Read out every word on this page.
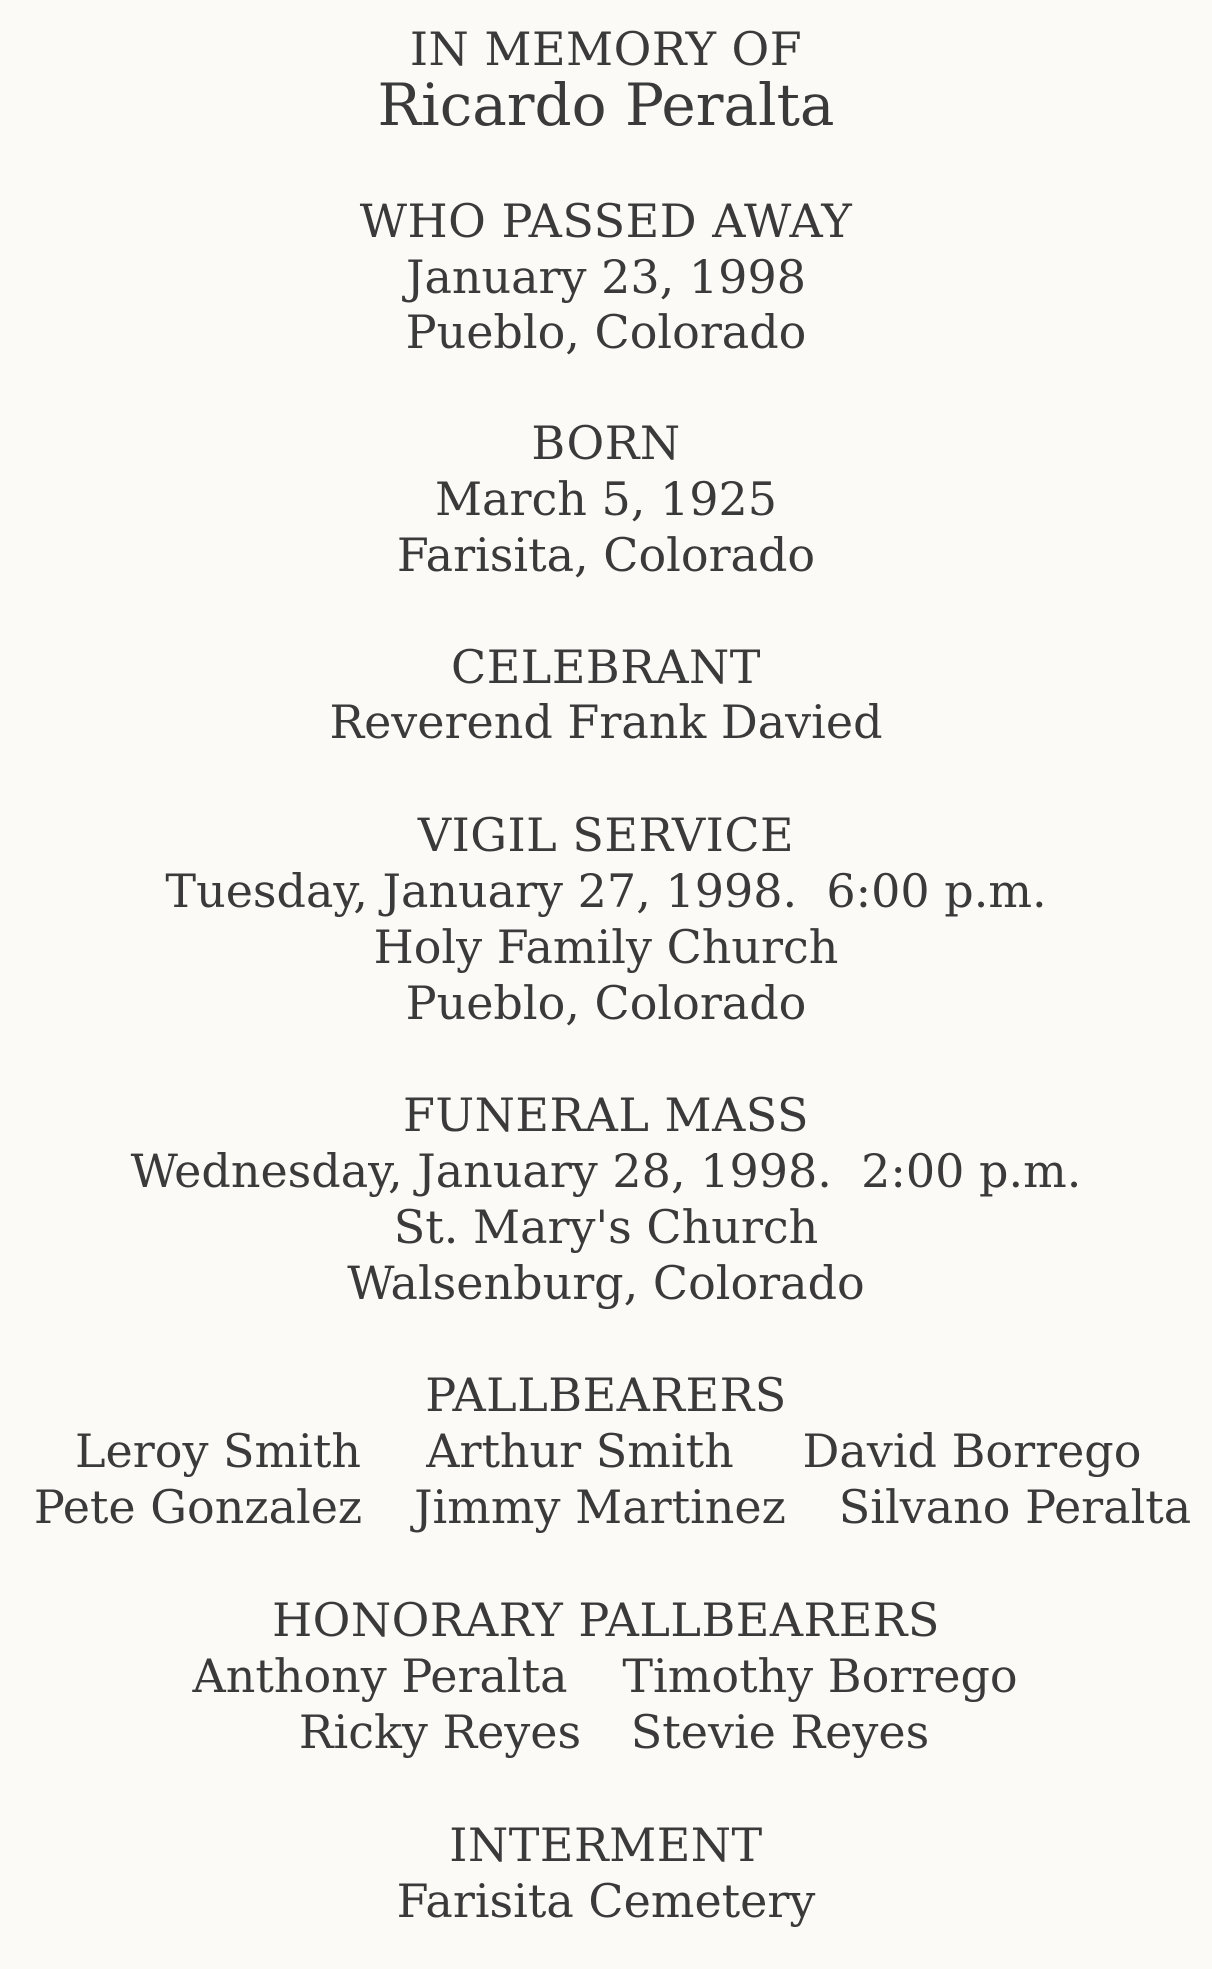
IN MEMORY OF
Ricardo Peralta
WHO PASSED AWAY
January 23, 1998
Pueblo, Colorado
BORN
March 5, 1925
Farisita, Colorado
CELEBRANT
Reverend Frank Davied
VIGIL SERVICE
Tuesday, January 27, 1998.  6:00 p.m.
Holy Family Church
Pueblo, Colorado
FUNERAL MASS
Wednesday, January 28, 1998.  2:00 p.m.
St. Mary's Church
Walsenburg, Colorado
PALLBEARERS
Leroy Smith	Arthur Smith	David Borrego
Pete Gonzalez	Jimmy Martinez	Silvano Peralta
HONORARY PALLBEARERS
Anthony Peralta Timothy Borrego
Ricky Reyes	Stevie Reyes
INTERMENT
Farisita Cemetery
